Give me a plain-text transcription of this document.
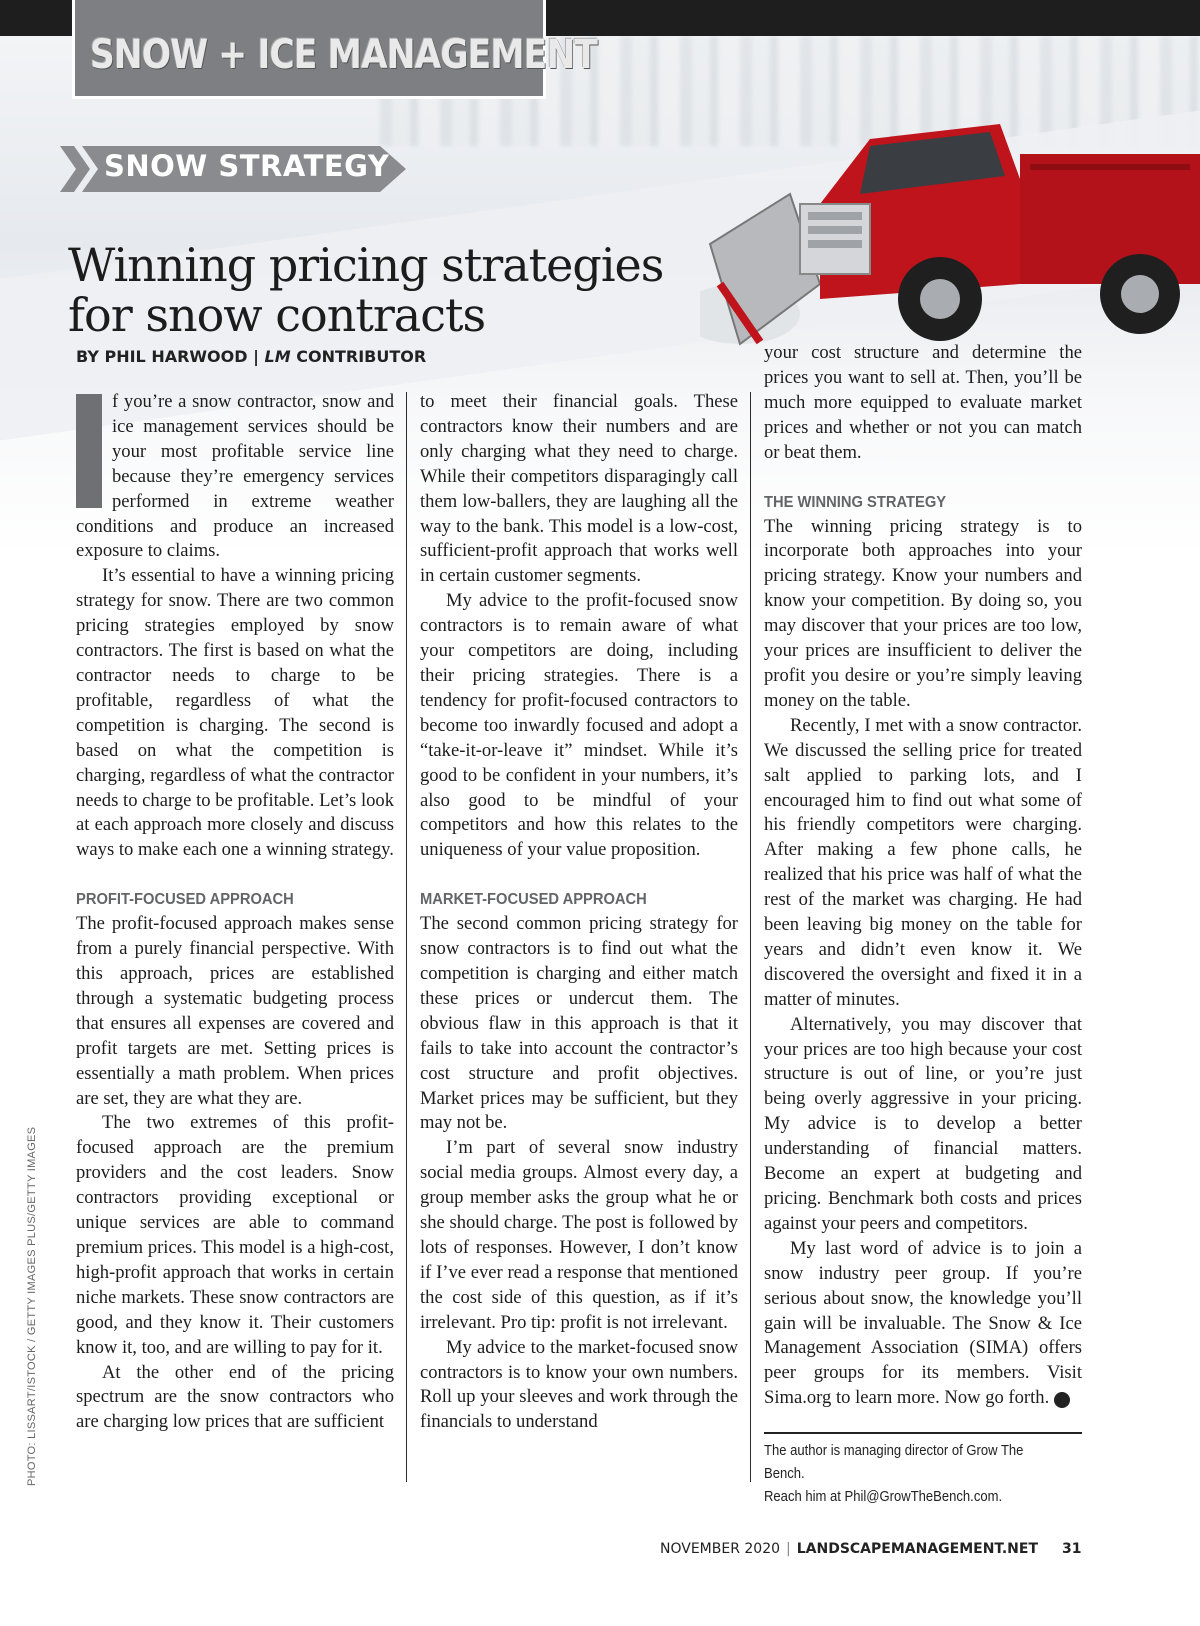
SNOW + ICE MANAGEMENT
SNOW STRATEGY
Winning pricing strategies
for snow contracts
BY PHIL HARWOOD | LM CONTRIBUTOR

f you’re a snow contractor, snow and ice management services should be your most profitable service line because they’re emergency services performed in extreme weather conditions and produce an increased exposure to claims.

It’s essential to have a winning pricing strategy for snow. There are two common pricing strategies employed by snow contractors. The first is based on what the contractor needs to charge to be profitable, regardless of what the competition is charging. The second is based on what the competition is charging, regardless of what the contractor needs to charge to be profitable. Let’s look at each approach more closely and discuss ways to make each one a winning strategy.

PROFIT-FOCUSED APPROACH

The profit-focused approach makes sense from a purely financial perspective. With this approach, prices are established through a systematic budgeting process that ensures all expenses are covered and profit targets are met. Setting prices is essentially a math problem. When prices are set, they are what they are.

The two extremes of this profit-focused approach are the premium providers and the cost leaders. Snow contractors providing exceptional or unique services are able to command premium prices. This model is a high-cost, high-profit approach that works in certain niche markets. These snow contractors are good, and they know it. Their customers know it, too, and are willing to pay for it.

At the other end of the pricing spectrum are the snow contractors who are charging low prices that are sufficient

to meet their financial goals. These contractors know their numbers and are only charging what they need to charge. While their competitors disparagingly call them low-ballers, they are laughing all the way to the bank. This model is a low-cost, sufficient-profit approach that works well in certain customer segments.

My advice to the profit-focused snow contractors is to remain aware of what your competitors are doing, including their pricing strategies. There is a tendency for profit-focused contractors to become too inwardly focused and adopt a “take-it-or-leave it” mindset. While it’s good to be confident in your numbers, it’s also good to be mindful of your competitors and how this relates to the uniqueness of your value proposition.

MARKET-FOCUSED APPROACH

The second common pricing strategy for snow contractors is to find out what the competition is charging and either match these prices or undercut them. The obvious flaw in this approach is that it fails to take into account the contractor’s cost structure and profit objectives. Market prices may be sufficient, but they may not be.

I’m part of several snow industry social media groups. Almost every day, a group member asks the group what he or she should charge. The post is followed by lots of responses. However, I don’t know if I’ve ever read a response that mentioned the cost side of this question, as if it’s irrelevant. Pro tip: profit is not irrelevant.

My advice to the market-focused snow contractors is to know your own numbers. Roll up your sleeves and work through the financials to understand

your cost structure and determine the prices you want to sell at. Then, you’ll be much more equipped to evaluate market prices and whether or not you can match or beat them.

THE WINNING STRATEGY

The winning pricing strategy is to incorporate both approaches into your pricing strategy. Know your numbers and know your competition. By doing so, you may discover that your prices are too low, your prices are insufficient to deliver the profit you desire or you’re simply leaving money on the table.

Recently, I met with a snow contractor. We discussed the selling price for treated salt applied to parking lots, and I encouraged him to find out what some of his friendly competitors were charging. After making a few phone calls, he realized that his price was half of what the rest of the market was charging. He had been leaving big money on the table for years and didn’t even know it. We discovered the oversight and fixed it in a matter of minutes.

Alternatively, you may discover that your prices are too high because your cost structure is out of line, or you’re just being overly aggressive in your pricing. My advice is to develop a better understanding of financial matters. Become an expert at budgeting and pricing. Benchmark both costs and prices against your peers and competitors.

My last word of advice is to join a snow industry peer group. If you’re serious about snow, the knowledge you’ll gain will be invaluable. The Snow & Ice Management Association (SIMA) offers peer groups for its members. Visit Sima.org to learn more. Now go forth.	LM

The author is managing director of Grow The Bench.
Reach him at Phil@GrowTheBench.com.
PHOTO: LISSART/ISTOCK / GETTY IMAGES PLUS/GETTY IMAGES
NOVEMBER 2020 | LANDSCAPEMANAGEMENT.NET 31
